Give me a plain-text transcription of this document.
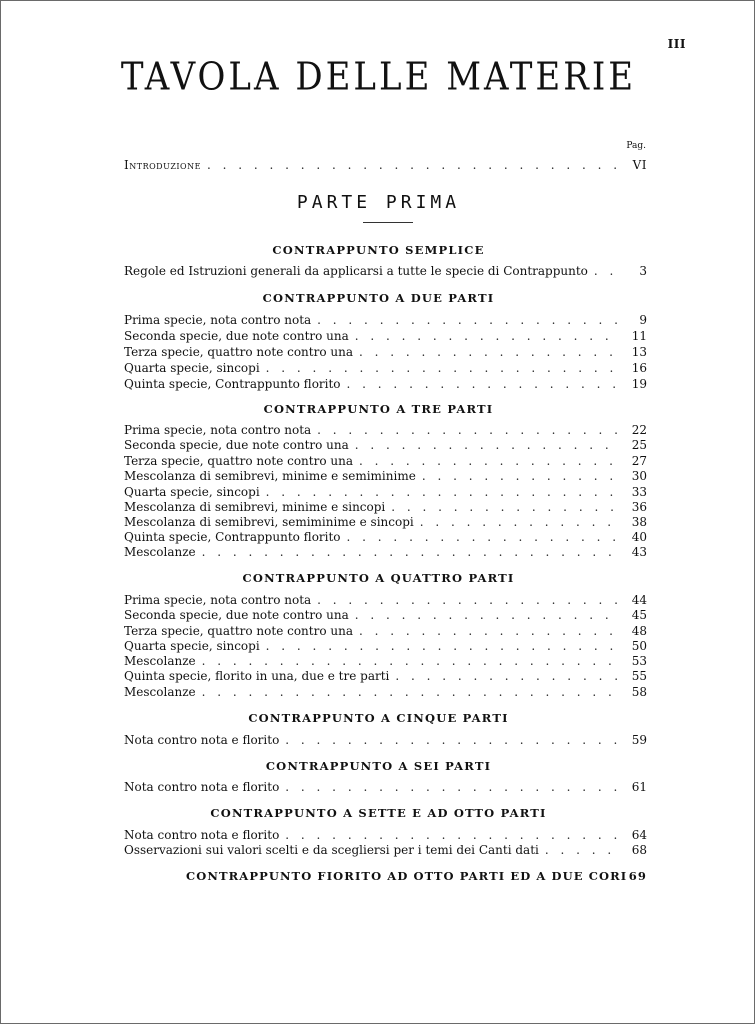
III
TAVOLA DELLE MATERIE
Pag.
Introduzione . . .	VI
PARTE PRIMA
CONTRAPPUNTO SEMPLICE
Regole ed Istruzioni generali da applicarsi a tutte le specie di Contrappunto . . .	3
CONTRAPPUNTO A DUE PARTI
Prima specie, nota contro nota . . .	9
Seconda specie, due note contro una . . .	11
Terza specie, quattro note contro una . . .	13
Quarta specie, sincopi . . .	16
Quinta specie, Contrappunto florito . . .	19
CONTRAPPUNTO A TRE PARTI
Prima specie, nota contro nota . . .	22
Seconda specie, due note contro una . . .	25
Terza specie, quattro note contro una . . .	27
Mescolanza di semibrevi, minime e semiminime . . .	30
Quarta specie, sincopi . . .	33
Mescolanza di semibrevi, minime e sincopi . . .	36
Mescolanza di semibrevi, semiminime e sincopi . . .	38
Quinta specie, Contrappunto florito . . .	40
Mescolanze . . .	43
CONTRAPPUNTO A QUATTRO PARTI
Prima specie, nota contro nota . . .	44
Seconda specie, due note contro una . . .	45
Terza specie, quattro note contro una . . .	48
Quarta specie, sincopi . . .	50
Mescolanze . . .	53
Quinta specie, florito in una, due e tre parti . . .	55
Mescolanze . . .	58
CONTRAPPUNTO A CINQUE PARTI
Nota contro nota e florito . . .	59
CONTRAPPUNTO A SEI PARTI
Nota contro nota e florito . . .	61
CONTRAPPUNTO A SETTE E AD OTTO PARTI
Nota contro nota e florito . . .	64
Osservazioni sui valori scelti e da scegliersi per i temi dei Canti dati . . .	68
CONTRAPPUNTO FIORITO AD OTTO PARTI ED A DUE CORI 69
